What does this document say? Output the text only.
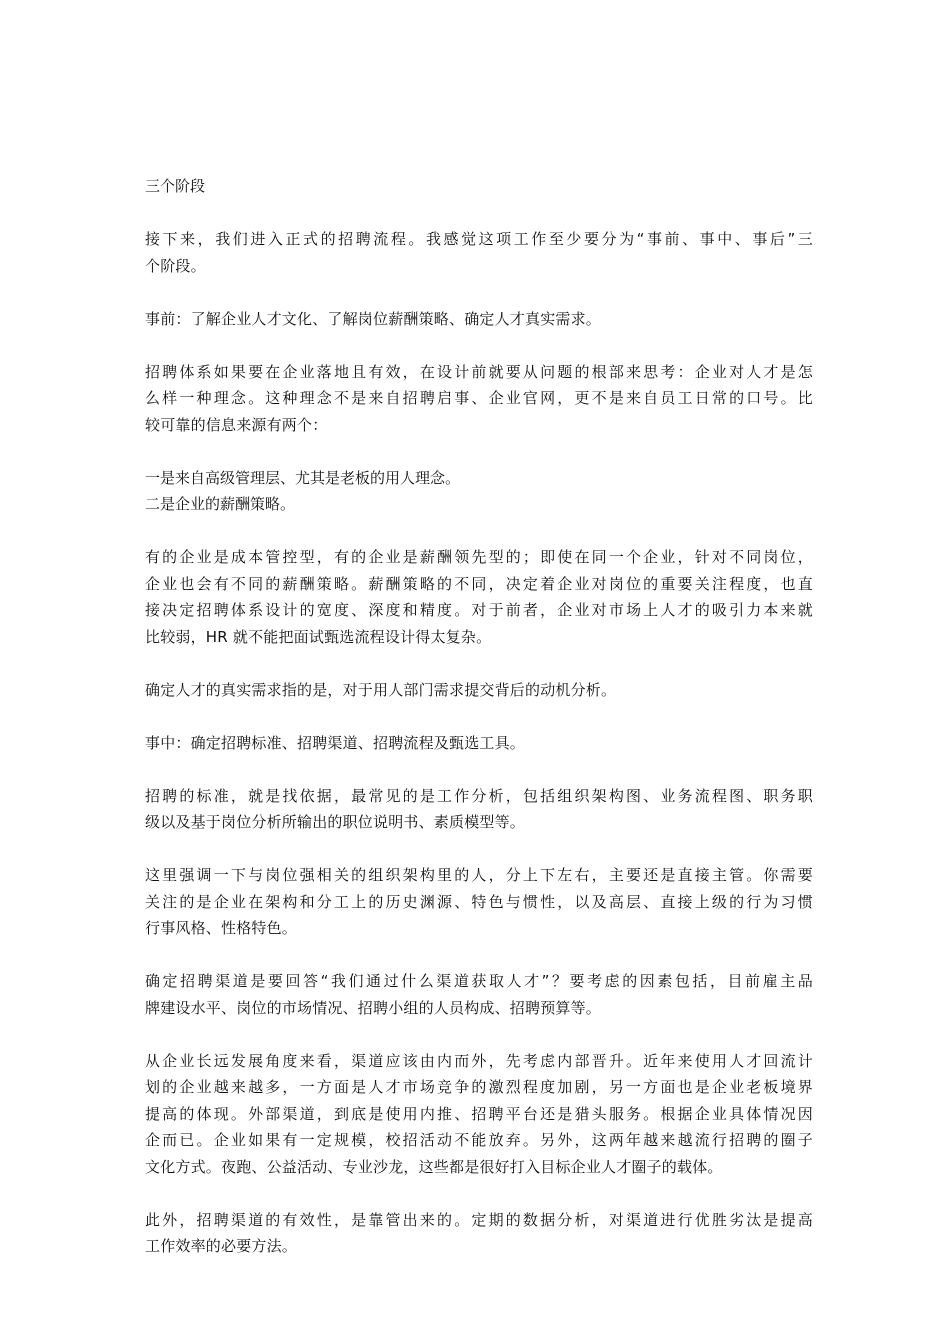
三个阶段
接下来，我们进入正式的招聘流程。我感觉这项工作至少要分为“事前、事中、事后”三
个阶段。
事前：了解企业人才文化、了解岗位薪酬策略、确定人才真实需求。
招聘体系如果要在企业落地且有效，在设计前就要从问题的根部来思考：企业对人才是怎
么样一种理念。这种理念不是来自招聘启事、企业官网，更不是来自员工日常的口号。比
较可靠的信息来源有两个：
一是来自高级管理层、尤其是老板的用人理念。
二是企业的薪酬策略。
有的企业是成本管控型，有的企业是薪酬领先型的；即使在同一个企业，针对不同岗位，
企业也会有不同的薪酬策略。薪酬策略的不同，决定着企业对岗位的重要关注程度，也直
接决定招聘体系设计的宽度、深度和精度。对于前者，企业对市场上人才的吸引力本来就
比较弱，HR 就不能把面试甄选流程设计得太复杂。
确定人才的真实需求指的是，对于用人部门需求提交背后的动机分析。
事中：确定招聘标准、招聘渠道、招聘流程及甄选工具。
招聘的标准，就是找依据，最常见的是工作分析，包括组织架构图、业务流程图、职务职
级以及基于岗位分析所输出的职位说明书、素质模型等。
这里强调一下与岗位强相关的组织架构里的人，分上下左右，主要还是直接主管。你需要
关注的是企业在架构和分工上的历史渊源、特色与惯性，以及高层、直接上级的行为习惯
行事风格、性格特色。
确定招聘渠道是要回答“我们通过什么渠道获取人才”？要考虑的因素包括，目前雇主品
牌建设水平、岗位的市场情况、招聘小组的人员构成、招聘预算等。
从企业长远发展角度来看，渠道应该由内而外，先考虑内部晋升。近年来使用人才回流计
划的企业越来越多，一方面是人才市场竞争的激烈程度加剧，另一方面也是企业老板境界
提高的体现。外部渠道，到底是使用内推、招聘平台还是猎头服务。根据企业具体情况因
企而已。企业如果有一定规模，校招活动不能放弃。另外，这两年越来越流行招聘的圈子
文化方式。夜跑、公益活动、专业沙龙，这些都是很好打入目标企业人才圈子的载体。
此外，招聘渠道的有效性，是靠管出来的。定期的数据分析，对渠道进行优胜劣汰是提高
工作效率的必要方法。
